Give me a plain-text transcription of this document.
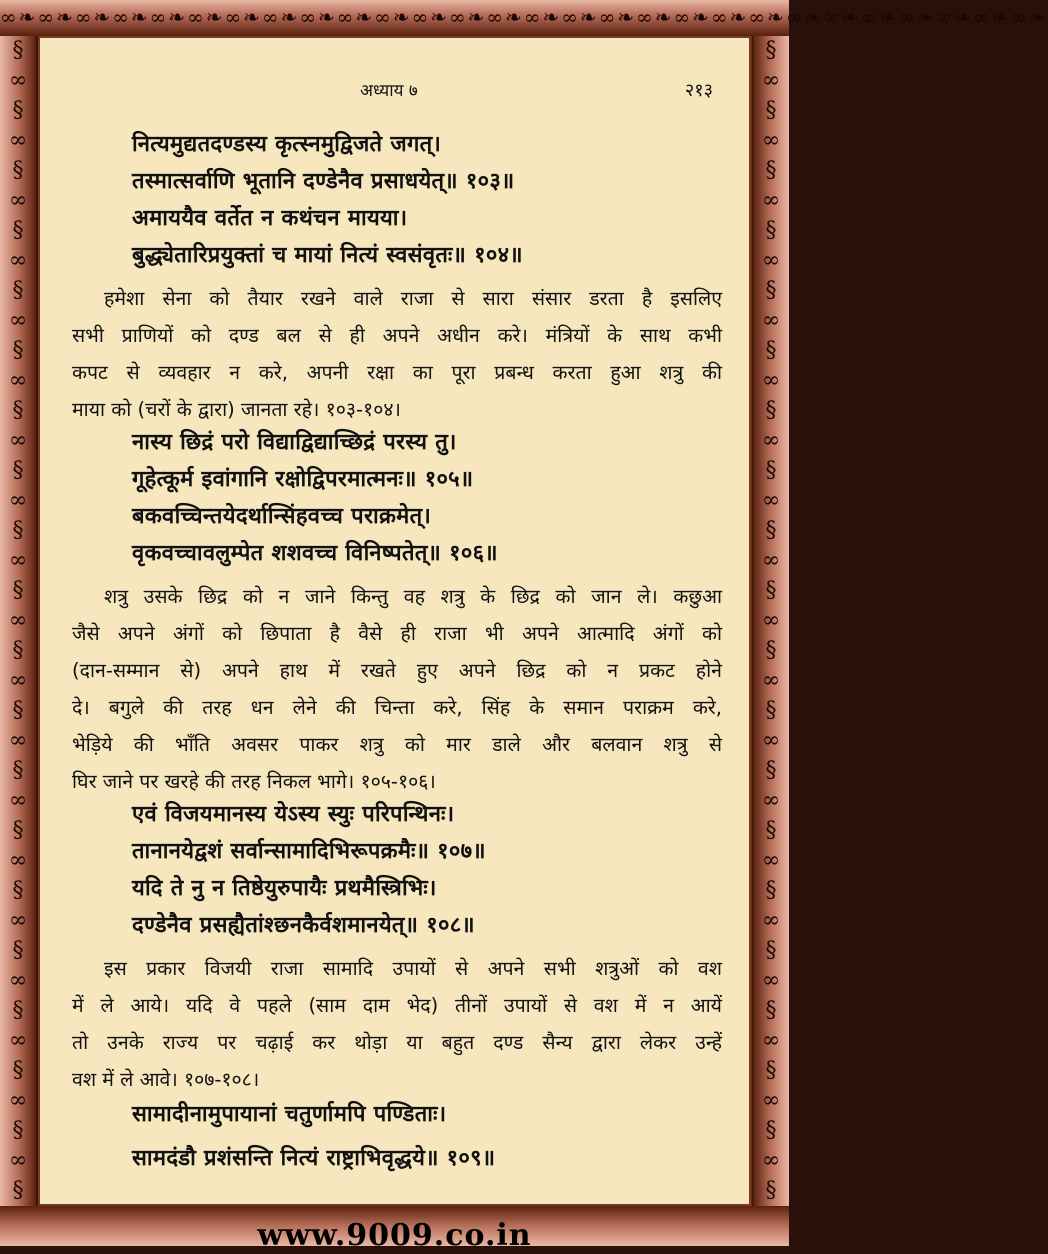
∞❧∞❧∞❧∞❧∞❧∞❧∞❧∞❧∞❧∞❧∞❧∞❧∞❧∞❧∞❧∞❧∞❧∞❧∞❧∞❧∞❧∞❧∞❧∞❧∞❧∞❧∞❧∞❧
§
∞
§
∞
§
∞
§
∞
§
∞
§
∞
§
∞
§
∞
§
∞
§
∞
§
∞
§
∞
§
∞
§
∞
§
∞
§
∞
§
∞
§
∞
§
∞
§
§
∞
§
∞
§
∞
§
∞
§
∞
§
∞
§
∞
§
∞
§
∞
§
∞
§
∞
§
∞
§
∞
§
∞
§
∞
§
∞
§
∞
§
∞
§
∞
§
अध्याय ७	२१३
नित्यमुद्यतदण्डस्य कृत्स्नमुद्विजते जगत्।
तस्मात्सर्वाणि भूतानि दण्डेनैव प्रसाधयेत्॥ १०३॥
अमाययैव वर्तेत न कथंचन मायया।
बुद्ध्येतारिप्रयुक्तां च मायां नित्यं स्वसंवृतः॥ १०४॥
हमेशा सेना को तैयार रखने वाले राजा से सारा संसार डरता है इसलिए
सभी प्राणियों को दण्ड बल से ही अपने अधीन करे। मंत्रियों के साथ कभी
कपट से व्यवहार न करे, अपनी रक्षा का पूरा प्रबन्ध करता हुआ शत्रु की
माया को (चरों के द्वारा) जानता रहे। १०३-१०४।
नास्य छिद्रं परो विद्याद्विद्याच्छिद्रं परस्य तु।
गूहेत्कूर्म इवांगानि रक्षोद्विपरमात्मनः॥ १०५॥
बकवच्चिन्तयेदर्थान्सिंहवच्च पराक्रमेत्।
वृकवच्चावलुम्पेत शशवच्च विनिष्पतेत्॥ १०६॥
शत्रु उसके छिद्र को न जाने किन्तु वह शत्रु के छिद्र को जान ले। कछुआ
जैसे अपने अंगों को छिपाता है वैसे ही राजा भी अपने आत्मादि अंगों को
(दान-सम्मान से) अपने हाथ में रखते हुए अपने छिद्र को न प्रकट होने
दे। बगुले की तरह धन लेने की चिन्ता करे, सिंह के समान पराक्रम करे,
भेड़िये की भाँति अवसर पाकर शत्रु को मार डाले और बलवान शत्रु से
घिर जाने पर खरहे की तरह निकल भागे। १०५-१०६।
एवं विजयमानस्य येऽस्य स्युः परिपन्थिनः।
तानानयेद्वशं सर्वान्सामादिभिरूपक्रमैः॥ १०७॥
यदि ते नु न तिष्ठेयुरुपायैः प्रथमैस्त्रिभिः।
दण्डेनैव प्रसह्यैतांश्छनकैर्वशमानयेत्॥ १०८॥
इस प्रकार विजयी राजा सामादि उपायों से अपने सभी शत्रुओं को वश
में ले आये। यदि वे पहले (साम दाम भेद) तीनों उपायों से वश में न आयें
तो उनके राज्य पर चढ़ाई कर थोड़ा या बहुत दण्ड सैन्य द्वारा लेकर उन्हें
वश में ले आवे। १०७-१०८।
सामादीनामुपायानां चतुर्णामपि पण्डिताः।
सामदंडौ प्रशंसन्ति नित्यं राष्ट्राभिवृद्धये॥ १०९॥
www.9009.co.in
